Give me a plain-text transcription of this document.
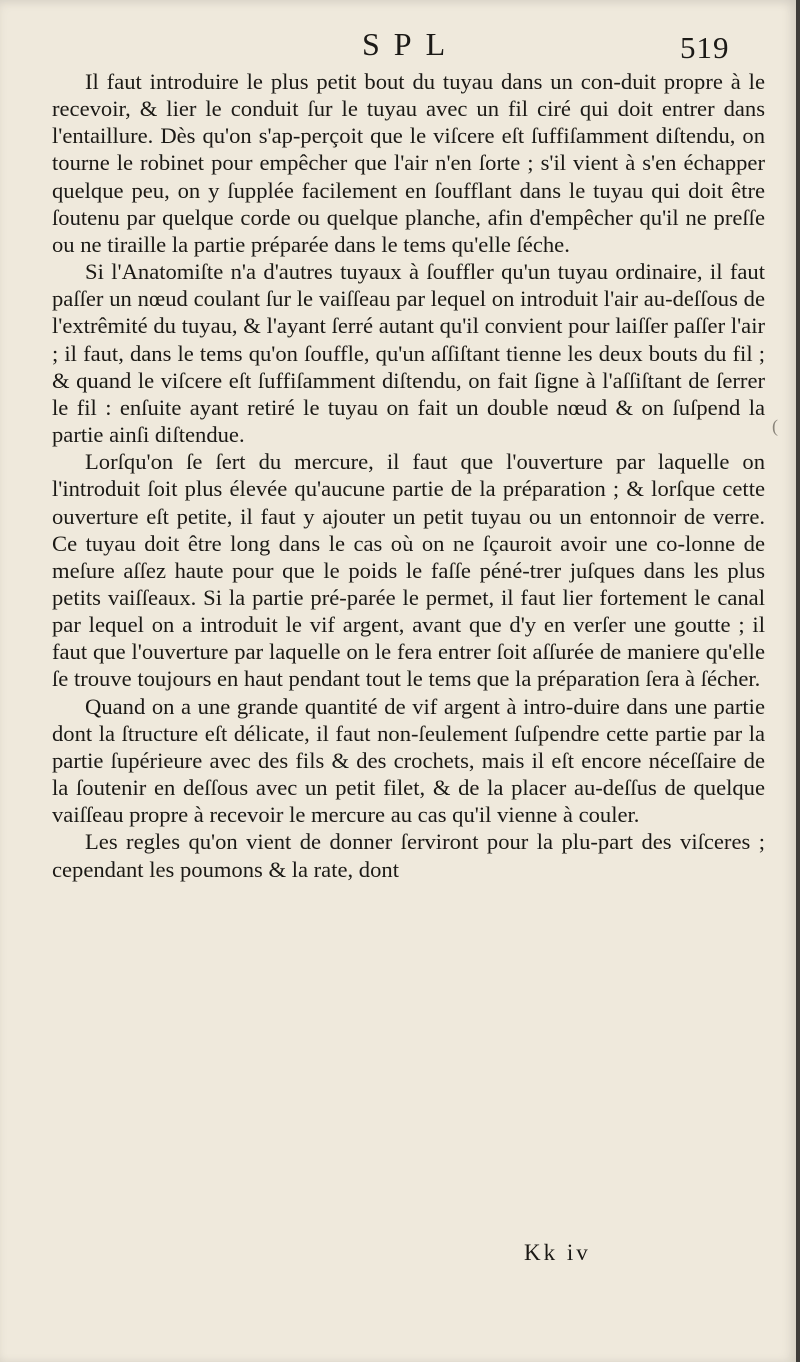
SPL	519

Il faut introduire le plus petit bout du tuyau dans un con-duit propre à le recevoir, & lier le conduit ſur le tuyau avec un fil ciré qui doit entrer dans l'entaillure. Dès qu'on s'ap-perçoit que le viſcere eſt ſuffiſamment diſtendu, on tourne le robinet pour empêcher que l'air n'en ſorte ; s'il vient à s'en échapper quelque peu, on y ſupplée facilement en ſoufflant dans le tuyau qui doit être ſoutenu par quelque corde ou quelque planche, afin d'empêcher qu'il ne preſſe ou ne tiraille la partie préparée dans le tems qu'elle ſéche.

Si l'Anatomiſte n'a d'autres tuyaux à ſouffler qu'un tuyau ordinaire, il faut paſſer un nœud coulant ſur le vaiſſeau par lequel on introduit l'air au-deſſous de l'extrêmité du tuyau, & l'ayant ſerré autant qu'il convient pour laiſſer paſſer l'air ; il faut, dans le tems qu'on ſouffle, qu'un aſſiſtant tienne les deux bouts du fil ; & quand le viſcere eſt ſuffiſamment diſtendu, on fait ſigne à l'aſſiſtant de ſerrer le fil : enſuite ayant retiré le tuyau on fait un double nœud & on ſuſpend la partie ainſi diſtendue.

Lorſqu'on ſe ſert du mercure, il faut que l'ouverture par laquelle on l'introduit ſoit plus élevée qu'aucune partie de la préparation ; & lorſque cette ouverture eſt petite, il faut y ajouter un petit tuyau ou un entonnoir de verre. Ce tuyau doit être long dans le cas où on ne ſçauroit avoir une co-lonne de meſure aſſez haute pour que le poids le faſſe péné-trer juſques dans les plus petits vaiſſeaux. Si la partie pré-parée le permet, il faut lier fortement le canal par lequel on a introduit le vif argent, avant que d'y en verſer une goutte ; il faut que l'ouverture par laquelle on le fera entrer ſoit aſſurée de maniere qu'elle ſe trouve toujours en haut pendant tout le tems que la préparation ſera à ſécher.

Quand on a une grande quantité de vif argent à intro-duire dans une partie dont la ſtructure eſt délicate, il faut non-ſeulement ſuſpendre cette partie par la partie ſupérieure avec des fils & des crochets, mais il eſt encore néceſſaire de la ſoutenir en deſſous avec un petit filet, & de la placer au-deſſus de quelque vaiſſeau propre à recevoir le mercure au cas qu'il vienne à couler.

Les regles qu'on vient de donner ſerviront pour la plu-part des viſceres ; cependant les poumons & la rate, dont

(
Kk iv
